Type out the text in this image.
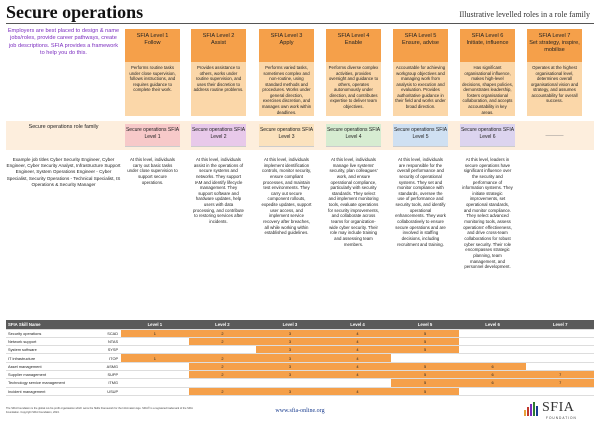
Secure operations	Illustrative levelled roles in a role family
Employers are best placed to design & name jobs/roles, provide career pathways, create job descriptions. SFIA provides a framework to help you do this.
SFIA Level 1
Follow
Performs routine tasks under close supervision, follows instructions, and requires guidance to complete their work.
SFIA Level 2
Assist
Provides assistance to others, works under routine supervision, and uses their discretion to address routine problems.
SFIA Level 3
Apply
Performs varied tasks, sometimes complex and non-routine, using standard methods and procedures. Works under general direction, exercises discretion, and manages own work within deadlines.
SFIA Level 4
Enable
Performs diverse complex activities, provides oversight and guidance to others, operates autonomously under direction, and contributes expertise to deliver team objectives.
SFIA Level 5
Ensure, advise
Accountable for achieving workgroup objectives and managing work from analysis to execution and evaluation. Provides authoritative guidance in their field and works under broad direction.
SFIA Level 6
Initiate, influence
Has significant organisational influence, makes high-level decisions, shapes policies, demonstrates leadership, fosters organisational collaboration, and accepts accountability in key areas.
SFIA Level 7
Set strategy, inspire, mobilise
Operates at the highest organisational level, determines overall organisational vision and strategy, and assumes accountability for overall success.
Secure operations role family	Secure operations SFIA Level 1
Secure operations SFIA Level 2
Secure operations SFIA Level 3
Secure operations SFIA Level 4
Secure operations SFIA Level 5
Secure operations SFIA Level 6	———
Example job titles Cyber Security Engineer, Cyber Engineer, Cyber Security Analyst, Infrastructure Support Engineer, System Operations Engineer - Cyber Specialist, Security Operations - Technical Specialist, IS Operations & Security Manager
At this level, individuals carry out basic tasks under close supervision to support secure operations.
At this level, individuals assist in the operations of secure systems and networks. They support IAM and identify lifecycle management. They support software and hardware updates, help users with data processing, and contribute to restoring services after incidents.
At this level, individuals implement identification controls, monitor security, ensure compliant processes, and maintain test environments. They carry out secure component rollouts, expedite updates, support user access, and implement service recovery after breaches, all while working within established guidelines.
At this level, individuals manage live systems' security, plan colleagues' work, and ensure operational compliance, particularly with security standards. They select and implement monitoring tools, evaluate operations for security improvements, and collaborate across teams for organization-wide cyber security. Their role may include training and assessing team members.
At this level, individuals are responsible for the overall performance and security of operational systems. They set and monitor compliance with standards, oversee the use of performance and security tools, and identify operational enhancements. They work collaboratively to ensure secure operations and are involved in staffing decisions, including recruitment and training.
At this level, leaders in secure operations have significant influence over the security and performance of information systems. They initiate strategic improvements, set operational standards, and monitor compliance. They select advanced monitoring tools, assess operations' effectiveness, and drive cross-team collaborations for robust cyber security. Their role encompasses strategic planning, team management, and personnel development.
SFIA Skill Name		Level 1	Level 2	Level 3	Level 4	Level 5	Level 6	Level 7
Security operations	SCAD	1	2	3	4	5		
Network support	NTAS		2	3	4	5		
System software	SYSP			3	4	5		
IT infrastructure	ITOP	1	2	3	4			
Asset management	ASMG		2	3	4	5	6	
Supplier management	SUPP		2	3	4	5	6	7
Technology service management	ITMG					5	6	7
Incident management	USUP		2	3	4	5		
The SFIA Foundation is the global not-for-profit organisation which owns the Skills Framework for the Information Age. SFIA® is a registered trademark of the SFIA Foundation. Copyright SFIA Foundation, 2024.	www.sfia-online.org	SFIA
FOUNDATION
